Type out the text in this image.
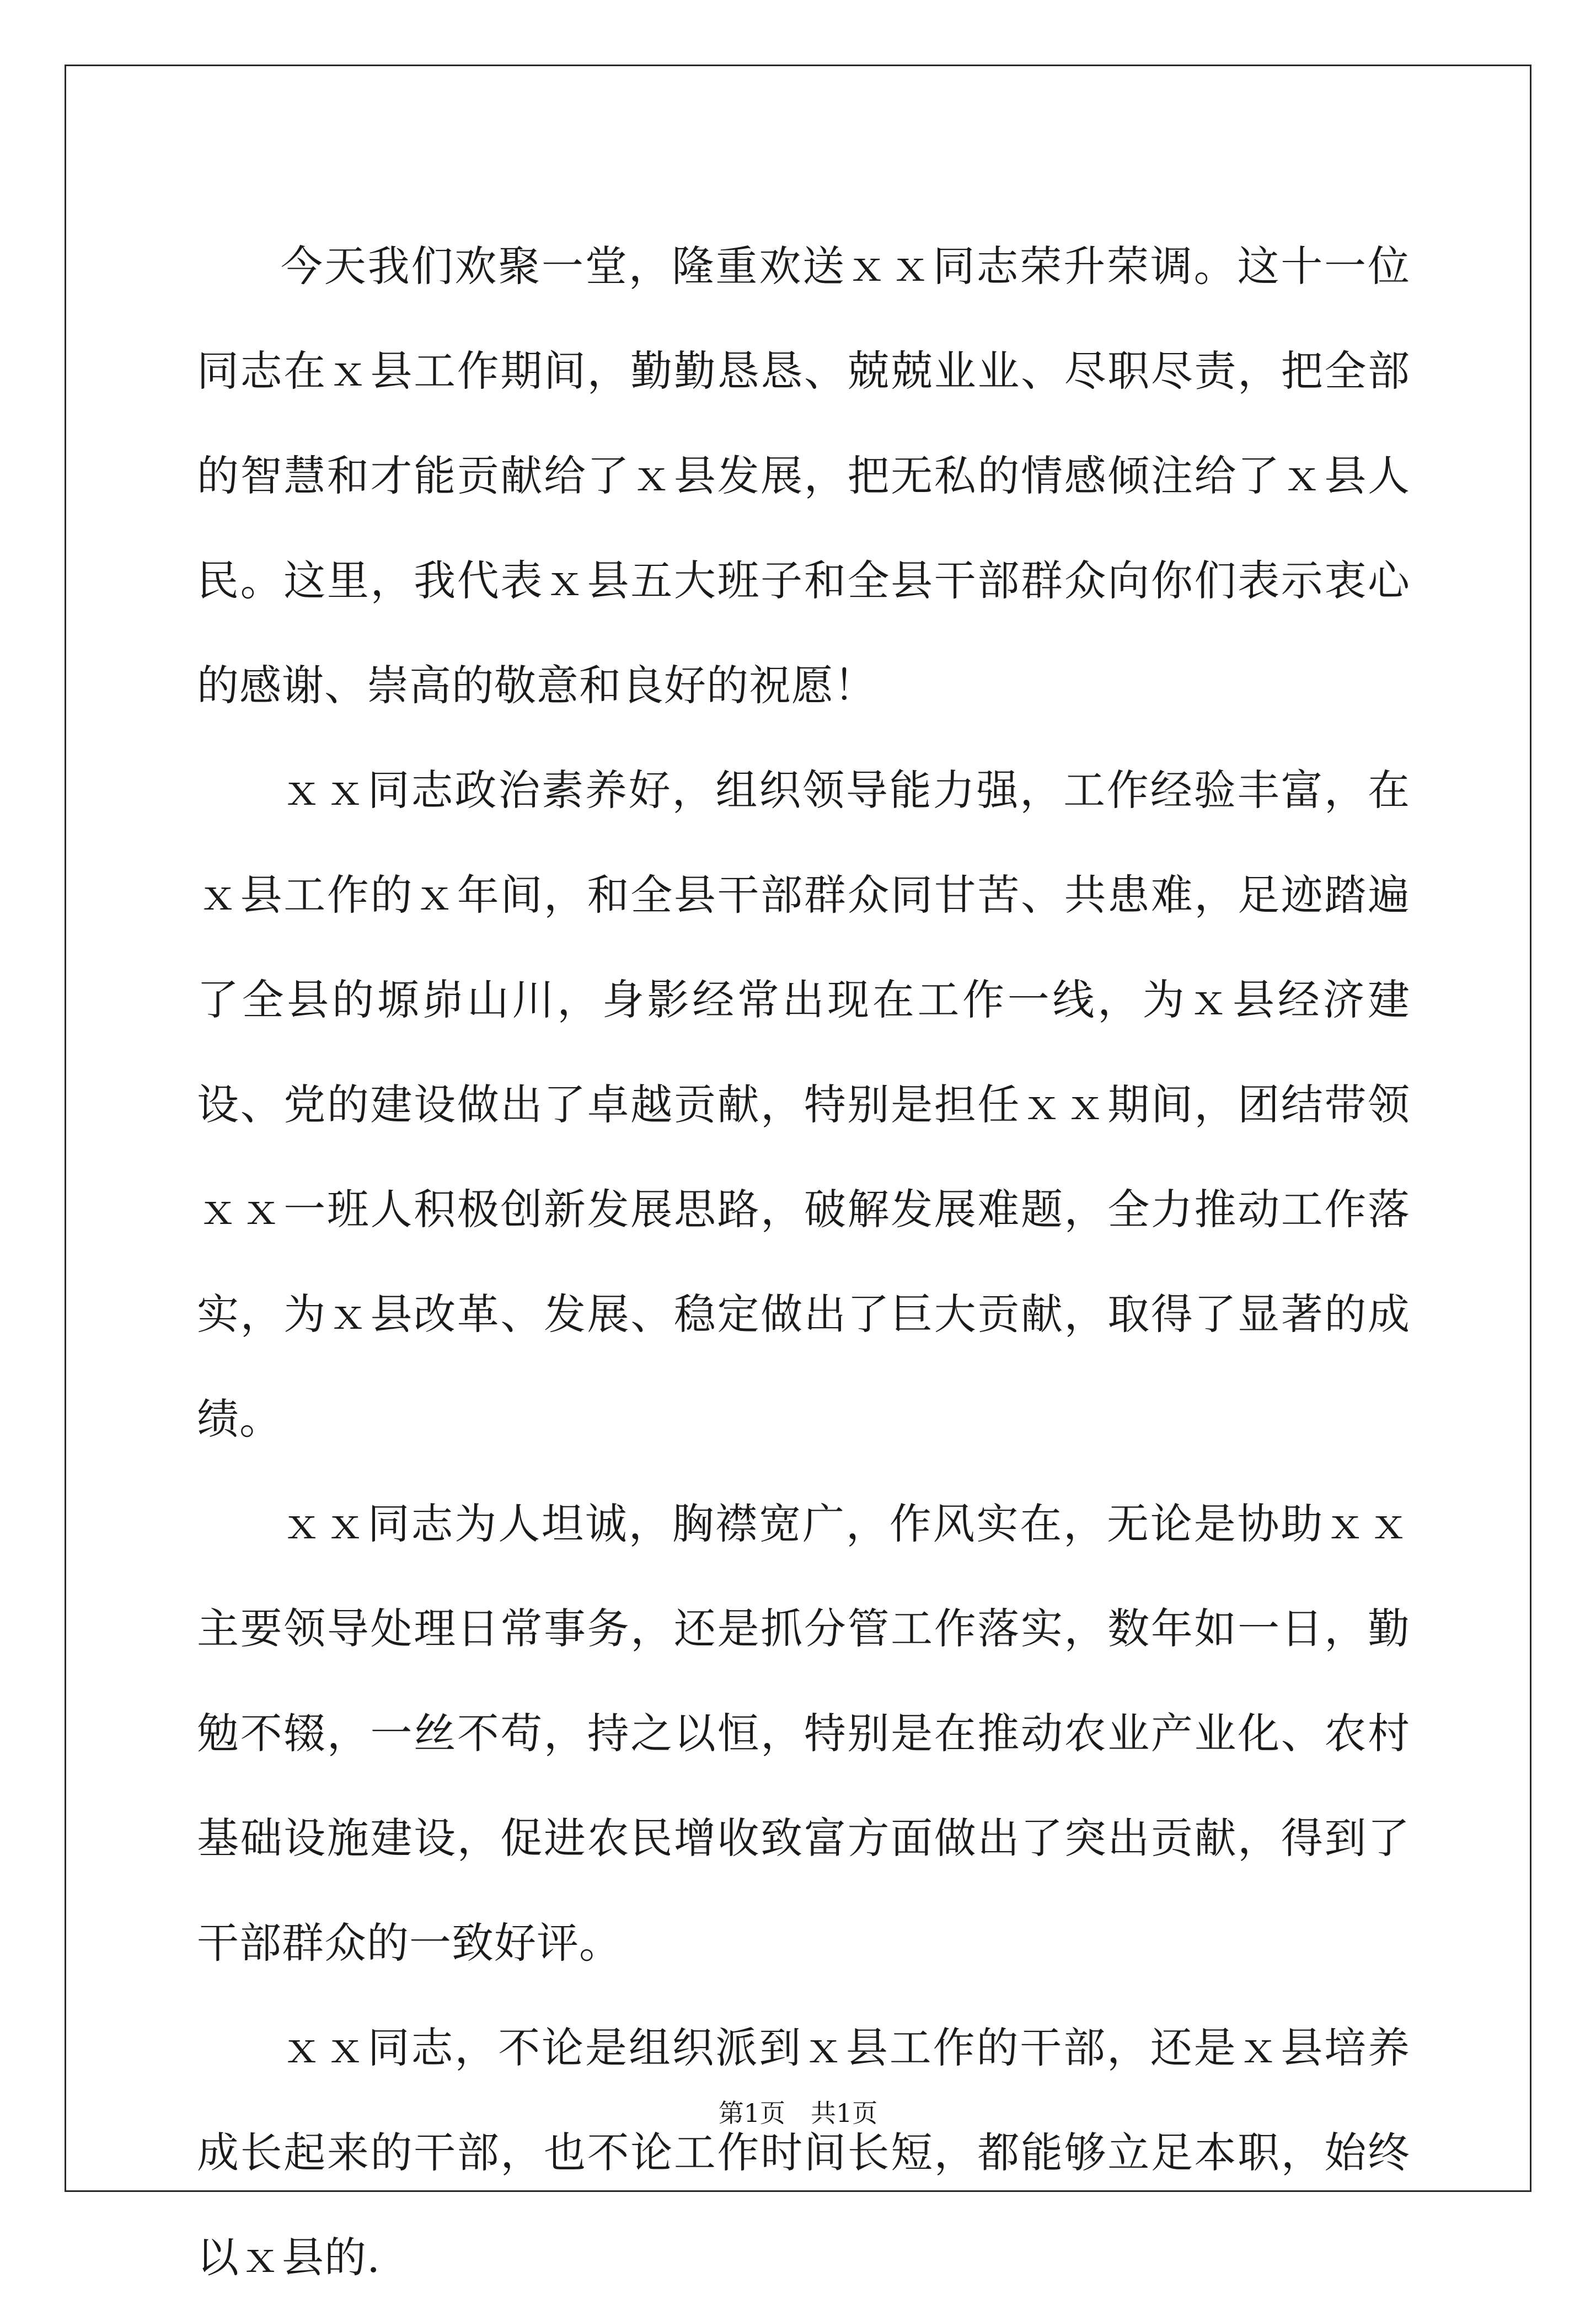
今天我们欢聚一堂，隆重欢送ｘｘ同志荣升荣调。这十一位同志在ｘ县工作期间，勤勤恳恳、兢兢业业、尽职尽责，把全部的智慧和才能贡献给了ｘ县发展，把无私的情感倾注给了ｘ县人民。这里，我代表ｘ县五大班子和全县干部群众向你们表示衷心的感谢、崇高的敬意和良好的祝愿！

ｘｘ同志政治素养好，组织领导能力强，工作经验丰富，在ｘ县工作的ｘ年间，和全县干部群众同甘苦、共患难，足迹踏遍了全县的塬峁山川，身影经常出现在工作一线，为ｘ县经济建设、党的建设做出了卓越贡献，特别是担任ｘｘ期间，团结带领ｘｘ一班人积极创新发展思路，破解发展难题，全力推动工作落实，为ｘ县改革、发展、稳定做出了巨大贡献，取得了显著的成绩。

ｘｘ同志为人坦诚，胸襟宽广，作风实在，无论是协助ｘｘ主要领导处理日常事务，还是抓分管工作落实，数年如一日，勤勉不辍，一丝不苟，持之以恒，特别是在推动农业产业化、农村基础设施建设，促进农民增收致富方面做出了突出贡献，得到了干部群众的一致好评。

ｘｘ同志，不论是组织派到ｘ县工作的干部，还是ｘ县培养成长起来的干部，也不论工作时间长短，都能够立足本职，始终以ｘ县的.

第1页　共1页
